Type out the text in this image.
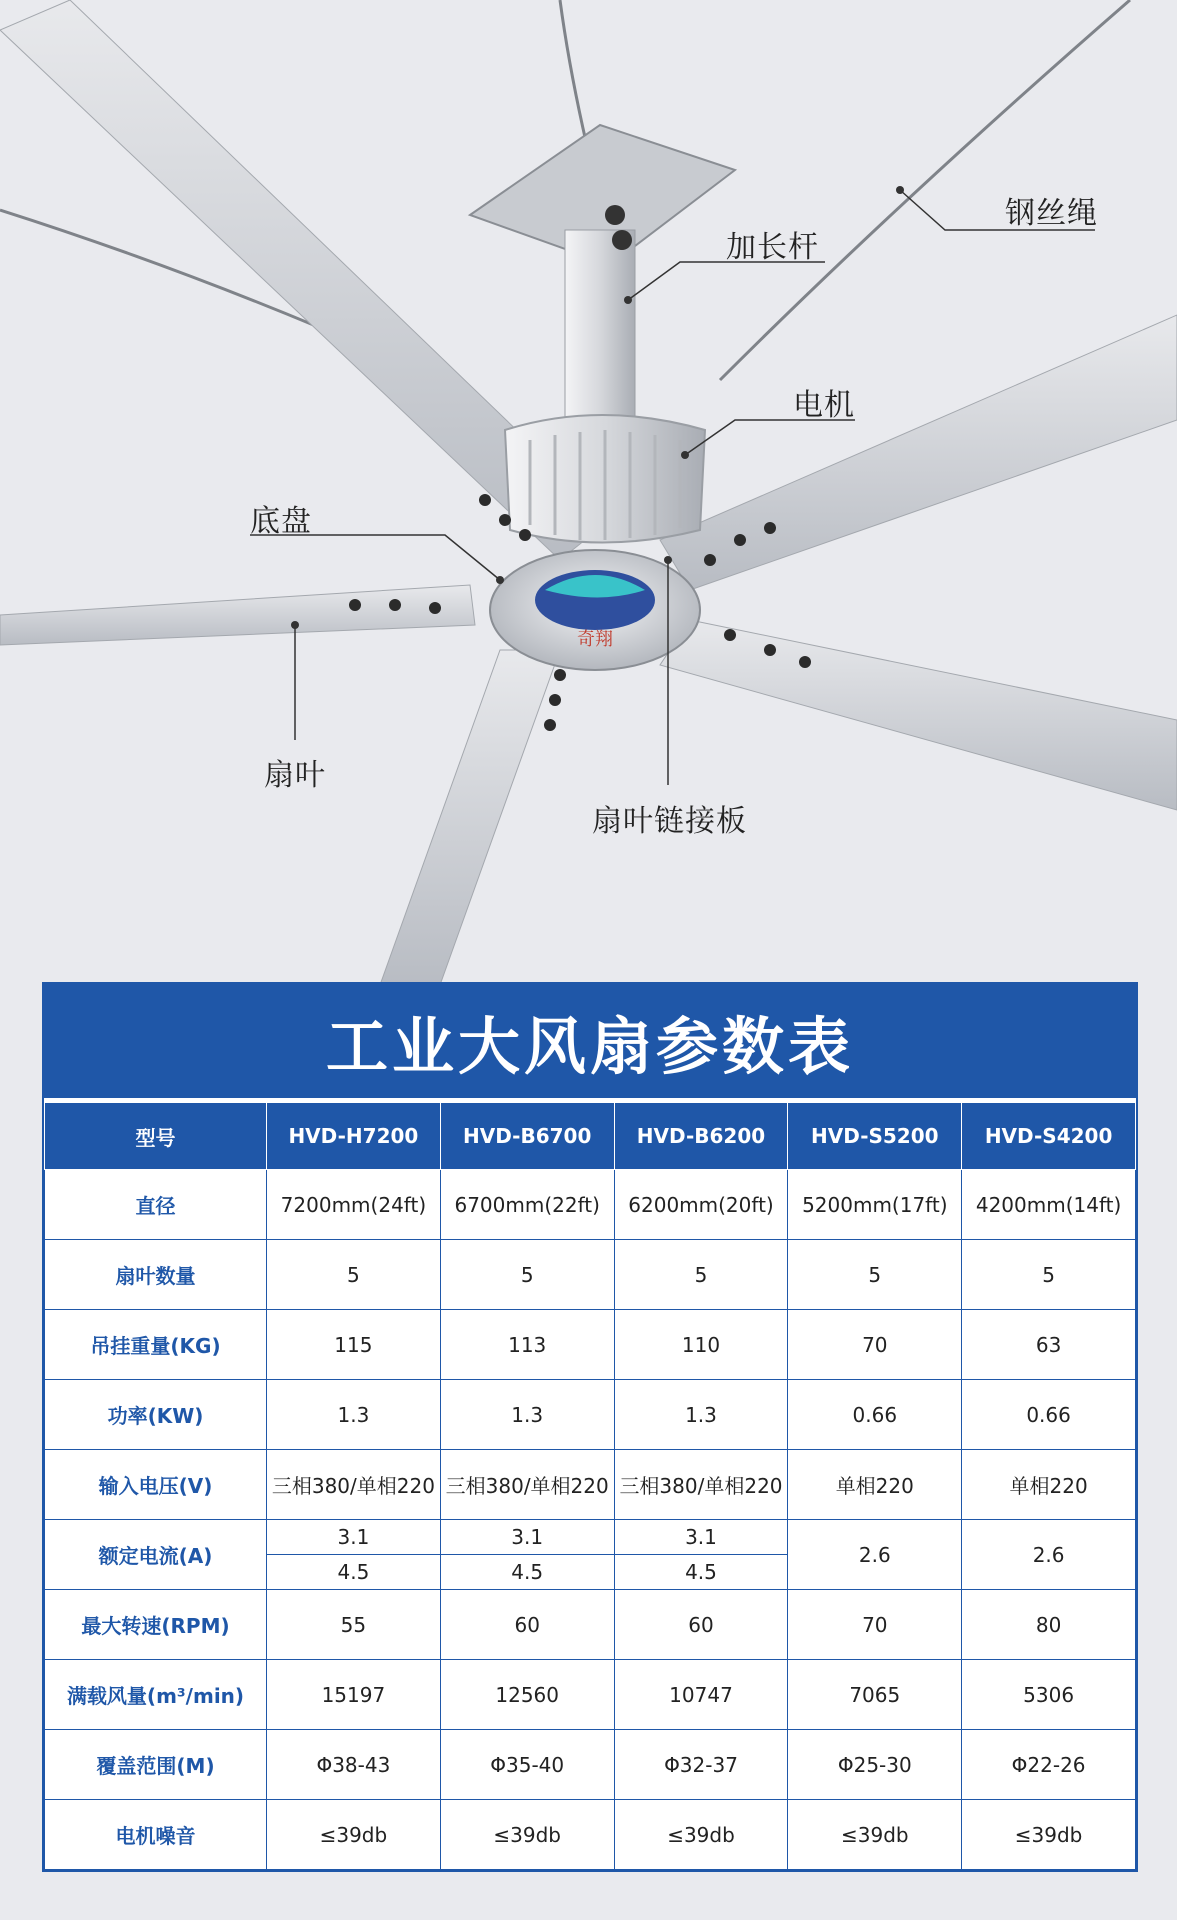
奇翔
钢丝绳
加长杆
电机
底盘
扇叶
扇叶链接板
工业大风扇参数表
型号	HVD-H7200	HVD-B6700	HVD-B6200	HVD-S5200	HVD-S4200
直径	7200mm(24ft)	6700mm(22ft)	6200mm(20ft)	5200mm(17ft)	4200mm(14ft)
扇叶数量	5	5	5	5	5
吊挂重量(KG)	115	113	110	70	63
功率(KW)	1.3	1.3	1.3	0.66	0.66
输入电压(V)	三相380/单相220	三相380/单相220	三相380/单相220	单相220	单相220
额定电流(A)	3.1	3.1	3.1	2.6	2.6
	4.5	4.5	4.5		
最大转速(RPM)	55	60	60	70	80
满载风量(m³/min)	15197	12560	10747	7065	5306
覆盖范围(M)	Φ38-43	Φ35-40	Φ32-37	Φ25-30	Φ22-26
电机噪音	≤39db	≤39db	≤39db	≤39db	≤39db
